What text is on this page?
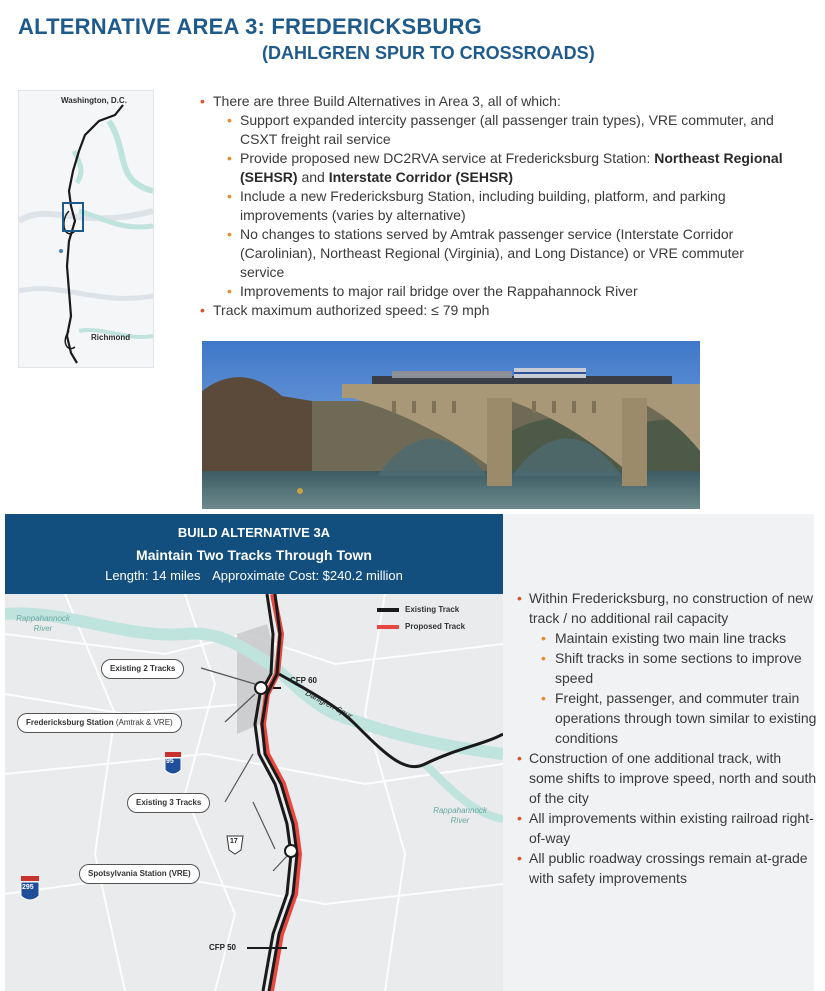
ALTERNATIVE AREA 3: FREDERICKSBURG
(DAHLGREN SPUR TO CROSSROADS)
Washington, D.C.
Richmond
• There are three Build Alternatives in Area 3, all of which:
• Support expanded intercity passenger (all passenger train types), VRE commuter, and CSXT freight rail service
• Provide proposed new DC2RVA service at Fredericksburg Station: Northeast Regional (SEHSR) and Interstate Corridor (SEHSR)
• Include a new Fredericksburg Station, including building, platform, and parking improvements (varies by alternative)
• No changes to stations served by Amtrak passenger service (Interstate Corridor (Carolinian), Northeast Regional (Virginia), and Long Distance) or VRE commuter service
• Improvements to major rail bridge over the Rappahannock River
• Track maximum authorized speed: ≤ 79 mph
BUILD ALTERNATIVE 3A
Maintain Two Tracks Through Town
Length: 14 miles Approximate Cost: $240.2 million
Existing 2 Tracks
Fredericksburg Station (Amtrak & VRE)
Existing 3 Tracks
Spotsylvania Station (VRE)
CFP 60
CFP 50
Dahlgren Spur
Rappahannock River
Rappahannock River
95
17
295
Existing Track
Proposed Track
• Within Fredericksburg, no construction of new track / no additional rail capacity
• Maintain existing two main line tracks
• Shift tracks in some sections to improve speed
• Freight, passenger, and commuter train operations through town similar to existing conditions
• Construction of one additional track, with some shifts to improve speed, north and south of the city
• All improvements within existing railroad right-of-way
• All public roadway crossings remain at-grade with safety improvements
